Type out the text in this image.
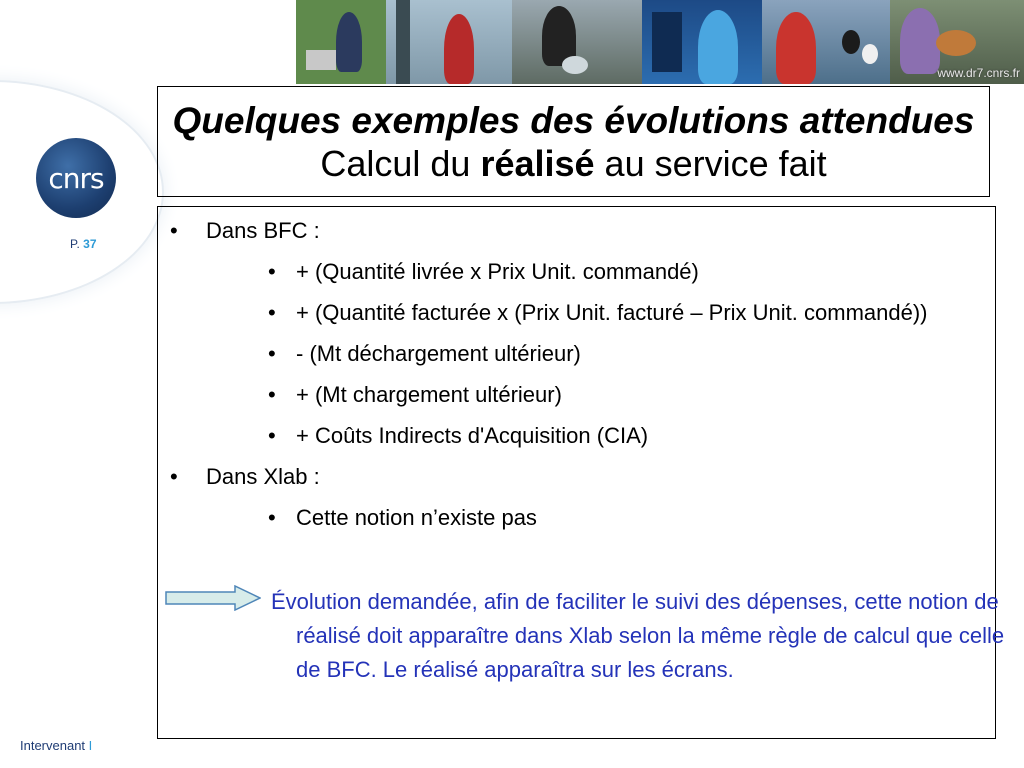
www.dr7.cnrs.fr
cnrs
P. 37
Quelques exemples des évolutions attendues
Calcul du réalisé au service fait
• Dans BFC :
• + (Quantité livrée x Prix Unit. commandé)
• + (Quantité facturée x (Prix Unit. facturé – Prix Unit. commandé))
• - (Mt déchargement ultérieur)
• + (Mt chargement ultérieur)
• + Coûts Indirects d'Acquisition (CIA)
• Dans Xlab :
• Cette notion n’existe pas
Évolution demandée, afin de faciliter le suivi des dépenses, cette notion de réalisé doit apparaître dans Xlab selon la même règle de calcul que celle de BFC. Le réalisé apparaîtra sur les écrans.
Intervenant I
